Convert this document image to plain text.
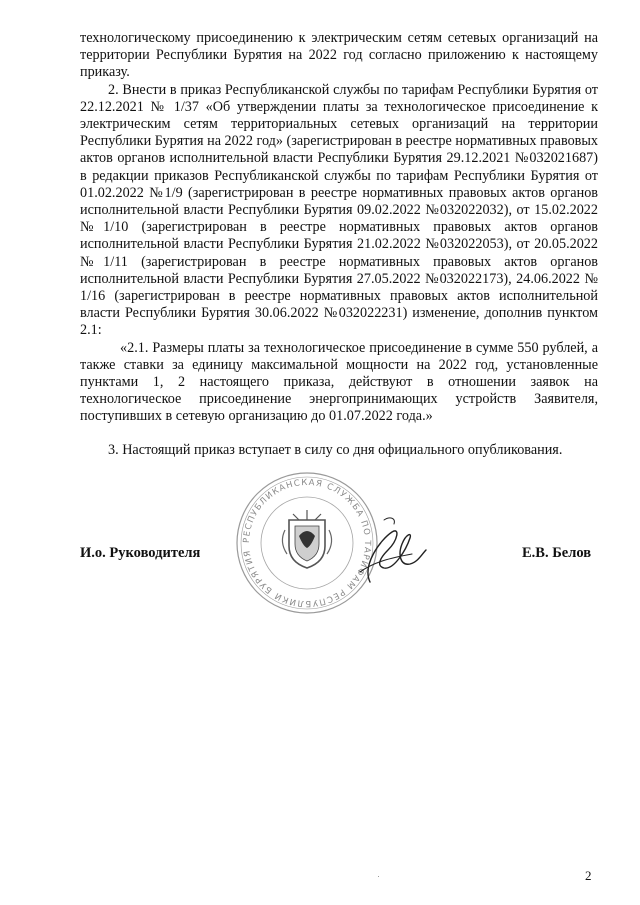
технологическому присоединению к электрическим сетям сетевых организаций на территории Республики Бурятия на 2022 год согласно приложению к настоящему приказу.

2. Внести в приказ Республиканской службы по тарифам Республики Бурятия от 22.12.2021 № 1/37 «Об утверждении платы за технологическое присоединение к электрическим сетям территориальных сетевых организаций на территории Республики Бурятия на 2022 год» (зарегистрирован в реестре нормативных правовых актов органов исполнительной власти Республики Бурятия 29.12.2021 №032021687) в редакции приказов Республиканской службы по тарифам Республики Бурятия от 01.02.2022 №1/9 (зарегистрирован в реестре нормативных правовых актов органов исполнительной власти Республики Бурятия 09.02.2022 №032022032), от 15.02.2022 №1/10 (зарегистрирован в реестре нормативных правовых актов органов исполнительной власти Республики Бурятия 21.02.2022 №032022053), от 20.05.2022 №1/11 (зарегистрирован в реестре нормативных правовых актов органов исполнительной власти Республики Бурятия 27.05.2022 №032022173), 24.06.2022 № 1/16 (зарегистрирован в реестре нормативных правовых актов исполнительной власти Республики Бурятия 30.06.2022 №032022231) изменение, дополнив пунктом 2.1:

«2.1. Размеры платы за технологическое присоединение в сумме 550 рублей, а также ставки за единицу максимальной мощности на 2022 год, установленные пунктами 1, 2 настоящего приказа, действуют в отношении заявок на технологическое присоединение энергопринимающих устройств Заявителя, поступивших в сетевую организацию до 01.07.2022 года.»

3. Настоящий приказ вступает в силу со дня официального опубликования.

РЕСПУБЛИКАНСКАЯ СЛУЖБА ПО ТАРИФАМ РЕСПУБЛИКИ БУРЯТИЯ
И.о. Руководителя	Е.В. Белов
2
